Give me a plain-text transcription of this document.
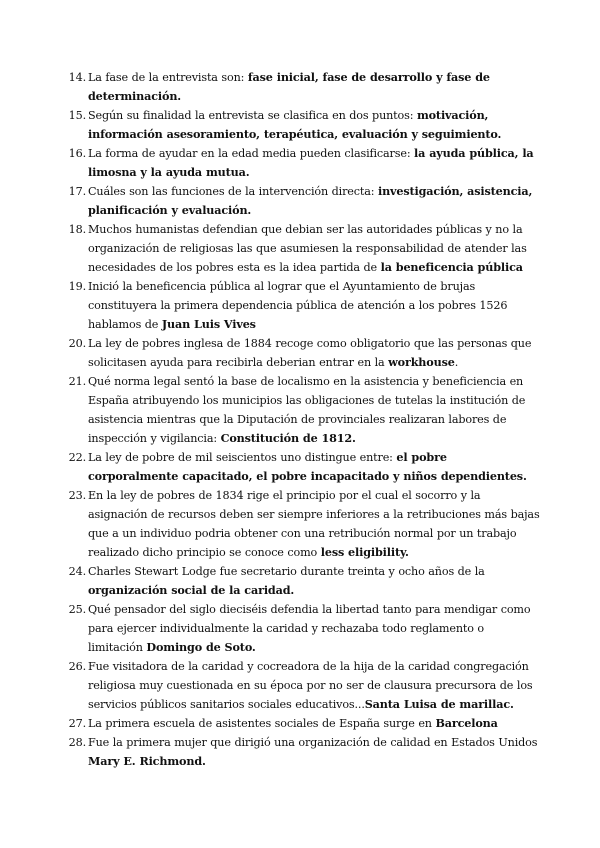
14. La fase de la entrevista son: fase inicial, fase de desarrollo y fase de determinación.
15. Según su finalidad la entrevista se clasifica en dos puntos: motivación, información asesoramiento, terapéutica, evaluación y seguimiento.
16. La forma de ayudar en la edad media pueden clasificarse: la ayuda pública, la limosna y la ayuda mutua.
17. Cuáles son las funciones de la intervención directa: investigación, asistencia, planificación y evaluación.
18. Muchos humanistas defendian que debian ser las autoridades públicas y no la organización de religiosas las que asumiesen la responsabilidad de atender las necesidades de los pobres esta es la idea partida de la beneficencia pública
19. Inició la beneficencia pública al lograr que el Ayuntamiento de brujas constituyera la primera dependencia pública de atención a los pobres 1526 hablamos de Juan Luis Vives
20. La ley de pobres inglesa de 1884 recoge como obligatorio que las personas que solicitasen ayuda para recibirla deberian entrar en la workhouse.
21. Qué norma legal sentó la base de localismo en la asistencia y beneficiencia en España atribuyendo los municipios las obligaciones de tutelas la institución de asistencia mientras que la Diputación de provinciales realizaran labores de inspección y vigilancia: Constitución de 1812.
22. La ley de pobre de mil seiscientos uno distingue entre: el pobre corporalmente capacitado, el pobre incapacitado y niños dependientes.
23. En la ley de pobres de 1834 rige el principio por el cual el socorro y la asignación de recursos deben ser siempre inferiores a la retribuciones más bajas que a un individuo podria obtener con una retribución normal por un trabajo realizado dicho principio se conoce como less eligibility.
24. Charles Stewart Lodge fue secretario durante treinta y ocho años de la organización social de la caridad.
25. Qué pensador del siglo dieciséis defendia la libertad tanto para mendigar como para ejercer individualmente la caridad y rechazaba todo reglamento o limitación Domingo de Soto.
26. Fue visitadora de la caridad y cocreadora de la hija de la caridad congregación religiosa muy cuestionada en su época por no ser de clausura precursora de los servicios públicos sanitarios sociales educativos...Santa Luisa de marillac.
27. La primera escuela de asistentes sociales de España surge en Barcelona
28. Fue la primera mujer que dirigió una organización de calidad en Estados Unidos Mary E. Richmond.
